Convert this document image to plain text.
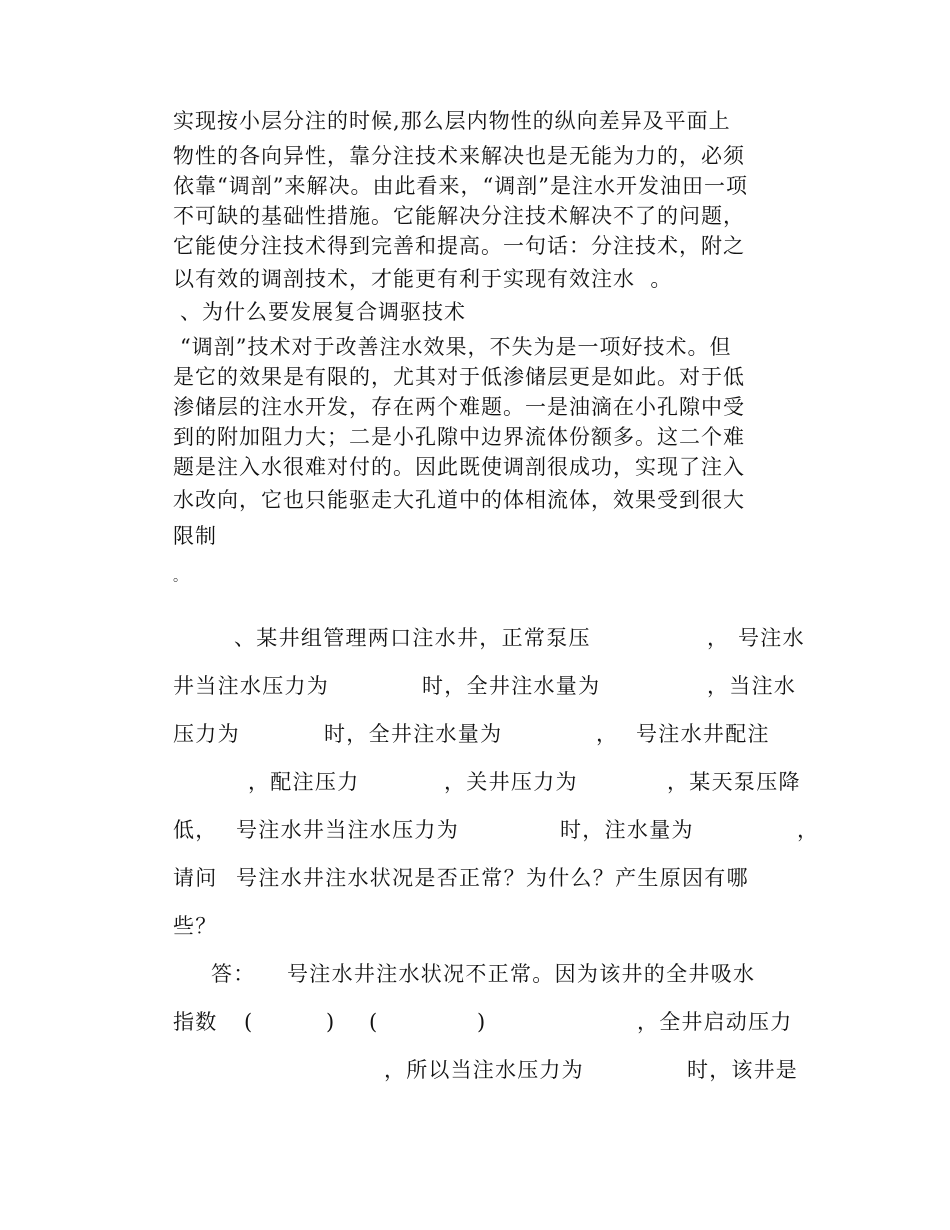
实现按小层分注的时候,那么层内物性的纵向差异及平面上
物性的各向异性，靠分注技术来解决也是无能为力的，必须
依靠“调剖”来解决。由此看来，“调剖”是注水开发油田一项
不可缺的基础性措施。它能解决分注技术解决不了的问题，
它能使分注技术得到完善和提高。一句话：分注技术，附之
以有效的调剖技术，才能更有利于实现有效注水  。
、为什么要发展复合调驱技术
“调剖”技术对于改善注水效果，不失为是一项好技术。但
是它的效果是有限的，尤其对于低渗储层更是如此。对于低
渗储层的注水开发，存在两个难题。一是油滴在小孔隙中受
到的附加阻力大；二是小孔隙中边界流体份额多。这二个难
题是注入水很难对付的。因此既使调剖很成功，实现了注入
水改向，它也只能驱走大孔道中的体相流体，效果受到很大
限制
。
、某井组管理两口注水井，正常泵压	， 号注水
井当注水压力为	时，全井注水量为	，当注水
压力为	时，全井注水量为	， 号注水井配注
，配注压力	，关井压力为	，某天泵压降
低， 号注水井当注水压力为	时，注水量为	，
请问 号注水井注水状况是否正常？为什么？产生原因有哪
些？
答： 号注水井注水状况不正常。因为该井的全井吸水
指数 (	) (	)	，全井启动压力
，所以当注水压力为	时，该井是
